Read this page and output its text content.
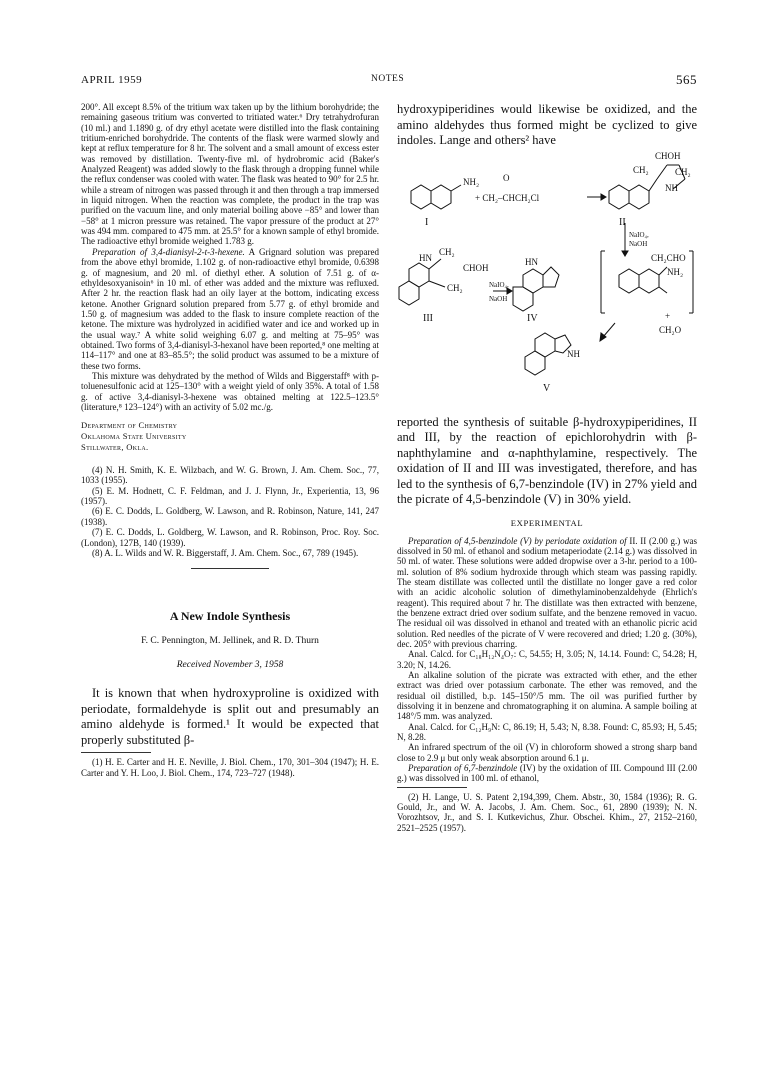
APRIL 1959	NOTES	565

200°. All except 8.5% of the tritium wax taken up by the lithium borohydride; the remaining gaseous tritium was converted to tritiated water.⁶ Dry tetrahydrofuran (10 ml.) and 1.1890 g. of dry ethyl acetate were distilled into the flask containing tritium-enriched borohydride. The contents of the flask were warmed slowly and kept at reflux temperature for 8 hr. The solvent and a small amount of excess ester was removed by distillation. Twenty-five ml. of hydrobromic acid (Baker's Analyzed Reagent) was added slowly to the flask through a dropping funnel while the reflux condenser was cooled with water. The flask was heated to 90° for 2.5 hr. while a stream of nitrogen was passed through it and then through a trap immersed in liquid nitrogen. When the reaction was complete, the product in the trap was purified on the vacuum line, and only material boiling above −85° and lower than −58° at 1 micron pressure was retained. The vapor pressure of the product at 27° was 494 mm. compared to 475 mm. at 25.5° for a known sample of ethyl bromide. The radioactive ethyl bromide weighed 1.783 g.

Preparation of 3,4-dianisyl-2-t-3-hexene. A Grignard solution was prepared from the above ethyl bromide, 1.102 g. of non-radioactive ethyl bromide, 0.6398 g. of magnesium, and 20 ml. of diethyl ether. A solution of 7.51 g. of α-ethyldesoxyanisoin⁶ in 10 ml. of ether was added and the mixture was refluxed. After 2 hr. the reaction flask had an oily layer at the bottom, indicating excess ketone. Another Grignard solution prepared from 5.77 g. of ethyl bromide and 1.50 g. of magnesium was added to the flask to insure complete reaction of the ketone. The mixture was hydrolyzed in acidified water and ice and worked up in the usual way.⁷ A white solid weighing 6.07 g. and melting at 75–95° was obtained. Two forms of 3,4-dianisyl-3-hexanol have been reported,⁸ one melting at 114–117° and one at 83–85.5°; the solid product was assumed to be a mixture of these two forms.

This mixture was dehydrated by the method of Wilds and Biggerstaff⁸ with p-toluenesulfonic acid at 125–130° with a weight yield of only 35%. A total of 1.58 g. of active 3,4-dianisyl-3-hexene was obtained melting at 122.5–123.5° (literature,⁸ 123–124°) with an activity of 5.02 mc./g.

Department of Chemistry
Oklahoma State University
Stillwater, Okla.

(4) N. H. Smith, K. E. Wilzbach, and W. G. Brown, J. Am. Chem. Soc., 77, 1033 (1955).

(5) E. M. Hodnett, C. F. Feldman, and J. J. Flynn, Jr., Experientia, 13, 96 (1957).

(6) E. C. Dodds, L. Goldberg, W. Lawson, and R. Robinson, Nature, 141, 247 (1938).

(7) E. C. Dodds, L. Goldberg, W. Lawson, and R. Robinson, Proc. Roy. Soc. (London), 127B, 140 (1939).

(8) A. L. Wilds and W. R. Biggerstaff, J. Am. Chem. Soc., 67, 789 (1945).

A New Indole Synthesis
F. C. Pennington, M. Jellinek, and R. D. Thurn
Received November 3, 1958

It is known that when hydroxyproline is oxidized with periodate, formaldehyde is split out and presumably an amino aldehyde is formed.¹ It would be expected that properly substituted β-

(1) H. E. Carter and H. E. Neville, J. Biol. Chem., 170, 301–304 (1947); H. E. Carter and Y. H. Loo, J. Biol. Chem., 174, 723–727 (1948).

hydroxypiperidines would likewise be oxidized, and the amino aldehydes thus formed might be cyclized to give indoles. Lange and others² have

NH₂	O
+ CH₂–CHCH₂Cl
CHOH
CH₂	CH₂
NH
HN
CH₂
CHOH
CH₂
HN	CH₂CHO
NH₂
+
CH₂O
NH
NaIO₄,
NaOH
NaIO₄,
NaOH
I	II
III	IV
V

reported the synthesis of suitable β-hydroxypiperidines, II and III, by the reaction of epichlorohydrin with β-naphthylamine and α-naphthylamine, respectively. The oxidation of II and III was investigated, therefore, and has led to the synthesis of 6,7-benzindole (IV) in 27% yield and the picrate of 4,5-benzindole (V) in 30% yield.

EXPERIMENTAL

Preparation of 4,5-benzindole (V) by periodate oxidation of II. II (2.00 g.) was dissolved in 50 ml. of ethanol and sodium metaperiodate (2.14 g.) was dissolved in 50 ml. of water. These solutions were added dropwise over a 3-hr. period to a 100-ml. solution of 8% sodium hydroxide through which steam was passing rapidly. The steam distillate was collected until the distillate no longer gave a red color with an acidic alcoholic solution of dimethylaminobenzaldehyde (Ehrlich's reagent). This required about 7 hr. The distillate was then extracted with benzene, the benzene extract dried over sodium sulfate, and the benzene removed in vacuo. The residual oil was dissolved in ethanol and treated with an ethanolic picric acid solution. Red needles of the picrate of V were recovered and dried; 1.20 g. (30%), dec. 205° with previous charring.

Anal. Calcd. for C₁₈H₁₂N₄O₇: C, 54.55; H, 3.05; N, 14.14. Found: C, 54.28; H, 3.20; N, 14.26.

An alkaline solution of the picrate was extracted with ether, and the ether extract was dried over potassium carbonate. The ether was removed, and the residual oil distilled, b.p. 145–150°/5 mm. The oil was purified further by dissolving it in benzene and chromatographing it on alumina. A sample boiling at 148°/5 mm. was analyzed.

Anal. Calcd. for C₁₂H₉N: C, 86.19; H, 5.43; N, 8.38. Found: C, 85.93; H, 5.45; N, 8.28.

An infrared spectrum of the oil (V) in chloroform showed a strong sharp band close to 2.9 μ but only weak absorption around 6.1 μ.

Preparation of 6,7-benzindole (IV) by the oxidation of III. Compound III (2.00 g.) was dissolved in 100 ml. of ethanol,

(2) H. Lange, U. S. Patent 2,194,399, Chem. Abstr., 30, 1584 (1936); R. G. Gould, Jr., and W. A. Jacobs, J. Am. Chem. Soc., 61, 2890 (1939); N. N. Vorozhtsov, Jr., and S. I. Kutkevichus, Zhur. Obschei. Khim., 27, 2152–2160, 2521–2525 (1957).
